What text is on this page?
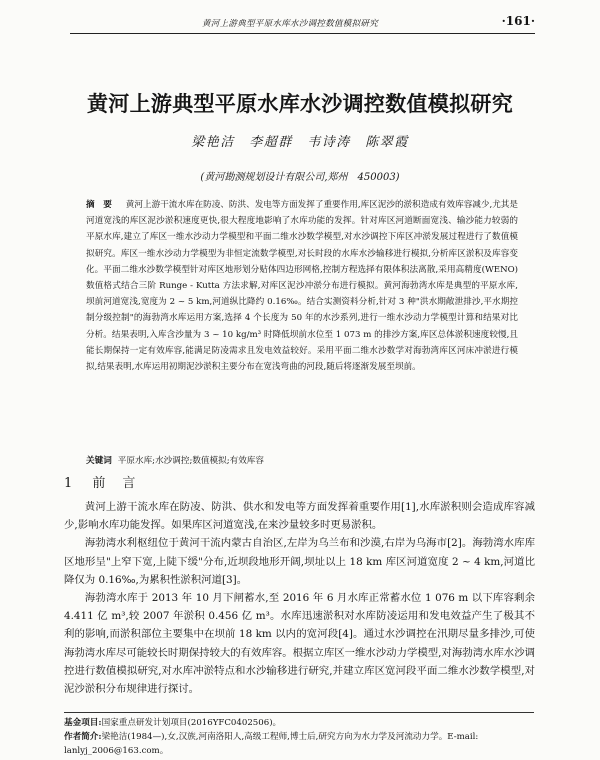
黄河上游典型平原水库水沙调控数值模拟研究	·161·
黄河上游典型平原水库水沙调控数值模拟研究
梁艳洁　李超群　韦诗涛　陈翠霞
(黄河勘测规划设计有限公司,郑州　450003)
摘　要 黄河上游干流水库在防凌、防洪、发电等方面发挥了重要作用,库区泥沙的淤积造成有效库容减少,尤其是河道宽浅的库区泥沙淤积速度更快,很大程度地影响了水库功能的发挥。针对库区河道断面宽浅、输沙能力较弱的平原水库,建立了库区一维水沙动力学模型和平面二维水沙数学模型,对水沙调控下库区冲淤发展过程进行了数值模拟研究。库区一维水沙动力学模型为非恒定流数学模型,对长时段的水库水沙输移进行模拟,分析库区淤积及库容变化。平面二维水沙数学模型针对库区地形划分贴体四边形网格,控制方程选择有限体积法离散,采用高精度(WENO)数值格式结合三阶 Runge - Kutta 方法求解,对库区泥沙冲淤分布进行模拟。黄河海勃湾水库是典型的平原水库,坝前河道宽浅,宽度为 2 ~ 5 km,河道纵比降约 0.16‰。结合实测资料分析,针对 3 种"洪水期敞泄排沙,平水期控制分级控制"的海勃湾水库运用方案,选择 4 个长度为 50 年的水沙系列,进行一维水沙动力学模型计算和结果对比分析。结果表明,入库含沙量为 3 ~ 10 kg/m³ 时降低坝前水位至 1 073 m 的排沙方案,库区总体淤积速度较慢,且能长期保持一定有效库容,能满足防凌需求且发电效益较好。采用平面二维水沙数学对海勃湾库区河床冲淤进行模拟,结果表明,水库运用初期泥沙淤积主要分布在宽浅弯曲的河段,随后将逐渐发展至坝前。
关键词 平原水库;水沙调控;数值模拟;有效库容
1 前　言

黄河上游干流水库在防凌、防洪、供水和发电等方面发挥着重要作用[1],水库淤积则会造成库容减少,影响水库功能发挥。如果库区河道宽浅,在来沙量较多时更易淤积。

海勃湾水利枢纽位于黄河干流内蒙古自治区,左岸为乌兰布和沙漠,右岸为乌海市[2]。海勃湾水库库区地形呈"上窄下宽,上陡下缓"分布,近坝段地形开阔,坝址以上 18 km 库区河道宽度 2 ~ 4 km,河道比降仅为 0.16‰,为累积性淤积河道[3]。

海勃湾水库于 2013 年 10 月下闸蓄水,至 2016 年 6 月水库正常蓄水位 1 076 m 以下库容剩余 4.411 亿 m³,较 2007 年淤积 0.456 亿 m³。水库迅速淤积对水库防凌运用和发电效益产生了极其不利的影响,而淤积部位主要集中在坝前 18 km 以内的宽河段[4]。通过水沙调控在汛期尽量多排沙,可使海勃湾水库尽可能较长时期保持较大的有效库容。根据立库区一维水沙动力学模型,对海勃湾水库水沙调控进行数值模拟研究,对水库冲淤特点和水沙输移进行研究,并建立库区宽河段平面二维水沙数学模型,对泥沙淤积分布规律进行探讨。

基金项目:国家重点研发计划项目(2016YFC0402506)。
作者简介:梁艳洁(1984—),女,汉族,河南洛阳人,高级工程师,博士后,研究方向为水力学及河流动力学。E-mail: lanlyj_2006@163.com。
